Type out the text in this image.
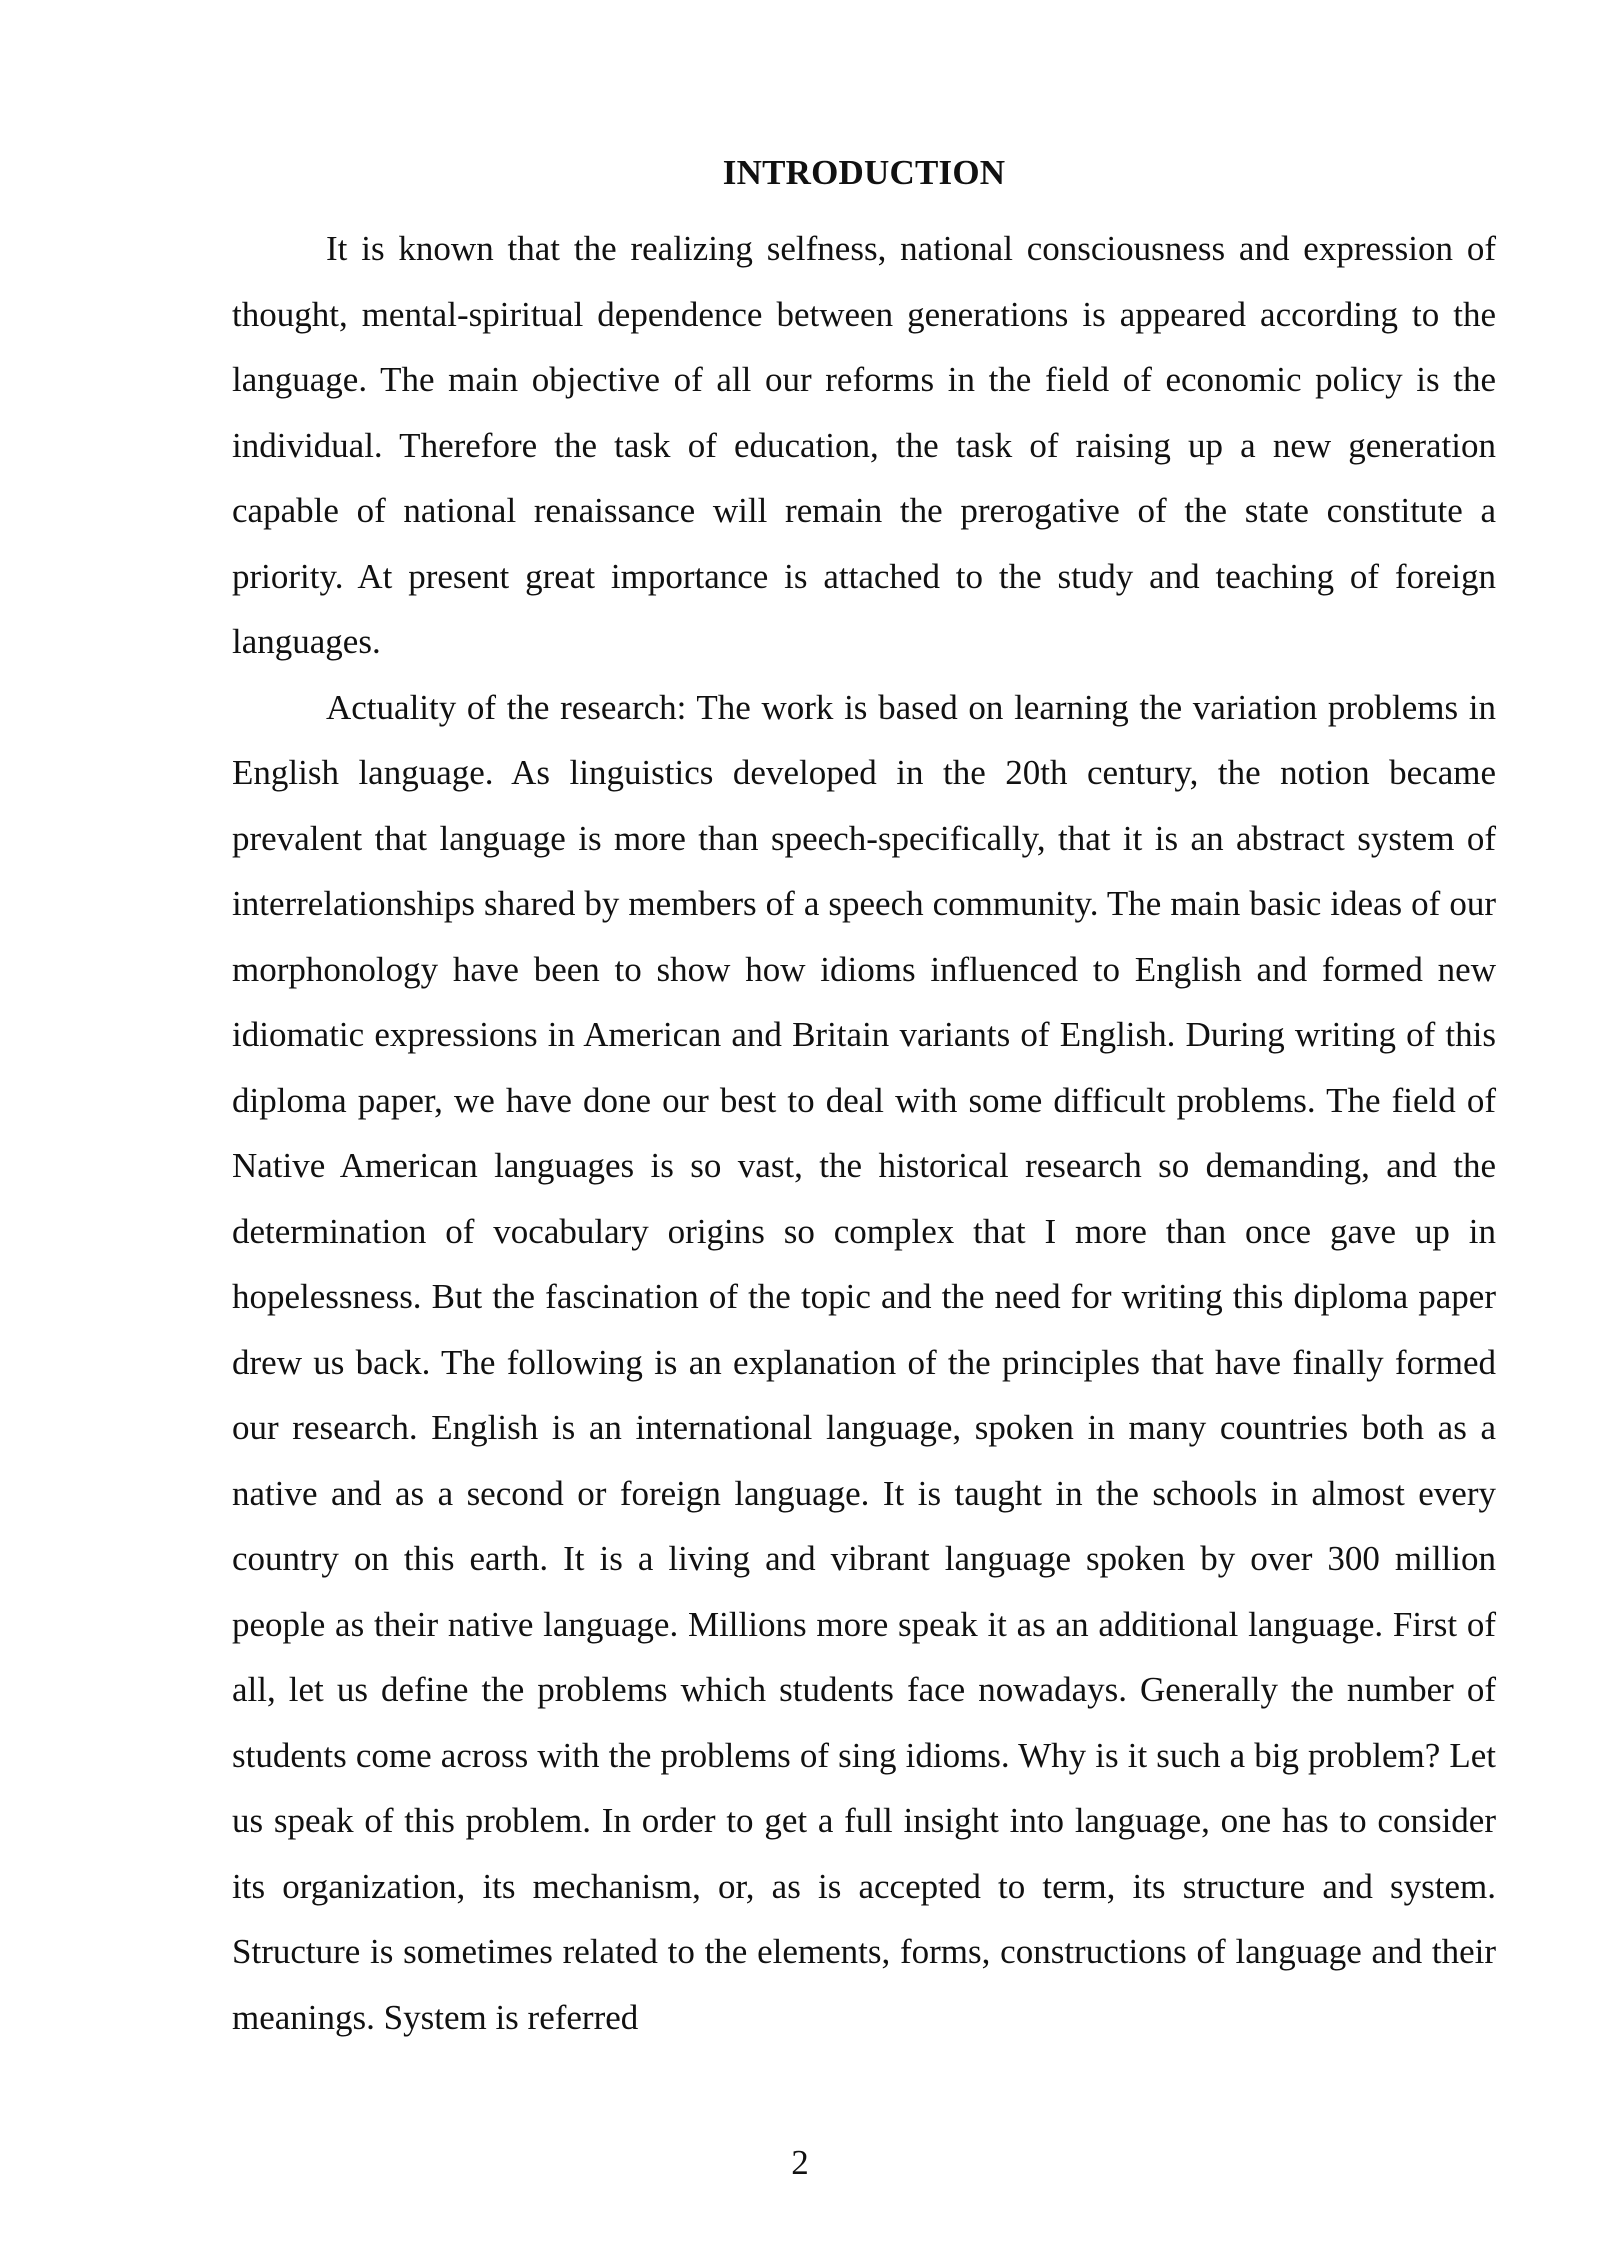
INTRODUCTION

It is known that the realizing selfness, national consciousness and expression of thought, mental-spiritual dependence between generations is appeared according to the language. The main objective of all our reforms in the field of economic policy is the individual. Therefore the task of education, the task of raising up a new generation capable of national renaissance will remain the prerogative of the state constitute a priority. At present great importance is attached to the study and teaching of foreign languages.

Actuality of the research: The work is based on learning the variation problems in English language. As linguistics developed in the 20th century, the notion became prevalent that language is more than speech-specifically, that it is an abstract system of interrelationships shared by members of a speech community. The main basic ideas of our morphonology have been to show how idioms influenced to English and formed new idiomatic expressions in American and Britain variants of English. During writing of this diploma paper, we have done our best to deal with some difficult problems. The field of Native American languages is so vast, the historical research so demanding, and the determination of vocabulary origins so complex that I more than once gave up in hopelessness. But the fascination of the topic and the need for writing this diploma paper drew us back. The following is an explanation of the principles that have finally formed our research. English is an international language, spoken in many countries both as a native and as a second or foreign language. It is taught in the schools in almost every country on this earth. It is a living and vibrant language spoken by over 300 million people as their native language. Millions more speak it as an additional language. First of all, let us define the problems which students face nowadays. Generally the number of students come across with the problems of sing idioms. Why is it such a big problem? Let us speak of this problem. In order to get a full insight into language, one has to consider its organization, its mechanism, or, as is accepted to term, its structure and system. Structure is sometimes related to the elements, forms, constructions of language and their meanings. System is referred

2
